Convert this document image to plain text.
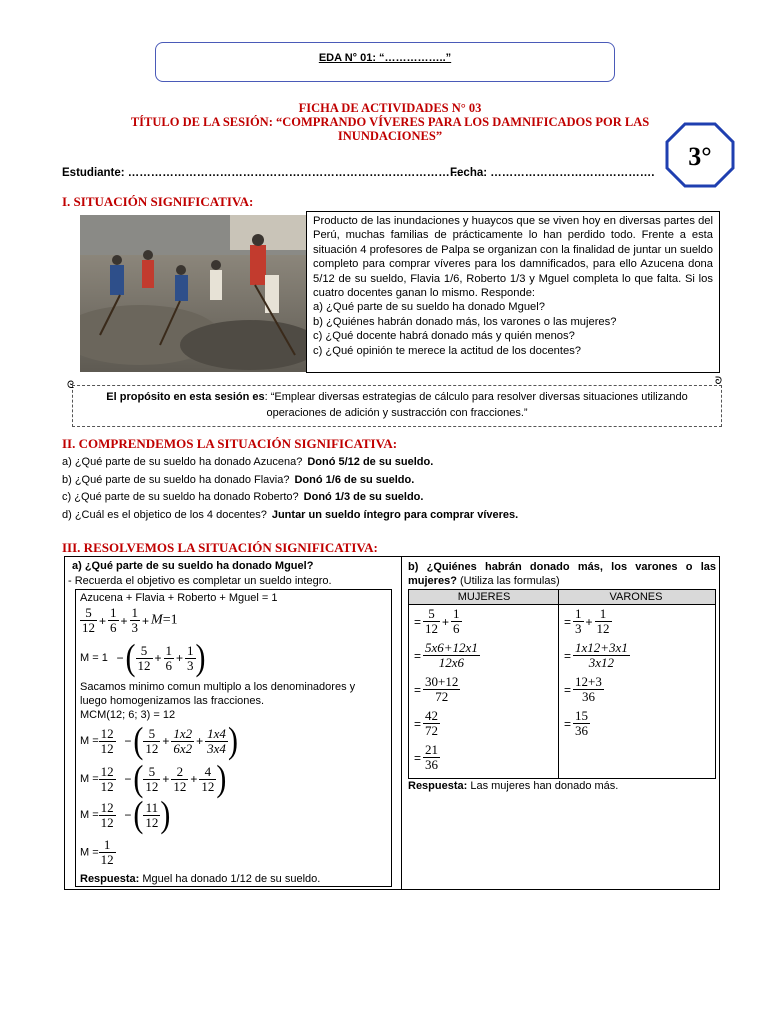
EDA N° 01: “……………..”
FICHA DE ACTIVIDADES N° 03
TÍTULO DE LA SESIÓN: “COMPRANDO VÍVERES PARA LOS DAMNIFICADOS POR LAS
INUNDACIONES”
3°
Estudiante: ……………………………………………………………………………
Fecha: …………………………………….
I. SITUACIÓN SIGNIFICATIVA:
Producto de las inundaciones y huaycos que se viven hoy en diversas partes del Perú, muchas familias de prácticamente lo han perdido todo. Frente a esta situación 4 profesores de Palpa se organizan con la finalidad de juntar un sueldo completo para comprar víveres para los damnificados, para ello Azucena dona 5/12 de su sueldo, Flavia 1/6, Roberto 1/3 y Mguel completa lo que falta. Si los cuatro docentes ganan lo mismo. Responde:
a) ¿Qué parte de su sueldo ha donado Mguel?
b) ¿Quiénes habrán donado más, los varones o las mujeres?
c) ¿Qué docente habrá donado más y quién menos?
c) ¿Qué opinión te merece la actitud de los docentes?
El propósito en esta sesión es: “Emplear diversas estrategias de cálculo para resolver diversas situaciones utilizando
operaciones de adición y sustracción con fracciones.”
ᘓ	ᘐ
II. COMPRENDEMOS LA SITUACIÓN SIGNIFICATIVA:
a) ¿Qué parte de su sueldo ha donado Azucena? Donó 5/12 de su sueldo.
b) ¿Qué parte de su sueldo ha donado Flavia? Donó 1/6 de su sueldo.
c) ¿Qué parte de su sueldo ha donado Roberto? Donó 1/3 de su sueldo.
d) ¿Cuál es el objetico de los 4 docentes? Juntar un sueldo íntegro para comprar víveres.
III. RESOLVEMOS LA SITUACIÓN SIGNIFICATIVA:
a) ¿Qué parte de su sueldo ha donado Mguel?
- Recuerda el objetivo es completar un sueldo integro.
Azucena + Flavia + Roberto + Mguel = 1
$\frac{5}{12} + \frac{1}{6} + \frac{1}{3} + M=1$
M = 1  −( $\frac{5}{12} + \frac{1}{6} + \frac{1}{3}$ )
Sacamos minimo comun multiplo a los denominadores y
luego homogenizamos las fracciones.
MCM(12; 6; 3) = 12
$M = \frac{12}{12}$ −( $\frac{5}{12} + \frac{1x2}{6x2} + \frac{1x4}{3x4}$ )
$M = \frac{12}{12}$ −( $\frac{5}{12} + \frac{2}{12} + \frac{4}{12}$ )
$M = \frac{12}{12}$ −( $\frac{11}{12}$ )
$M = \frac{1}{12}$
Respuesta: Mguel ha donado 1/12 de su sueldo.
b) ¿Quiénes habrán donado más, los varones o las mujeres? (Utiliza las formulas)
MUJERES	VARONES
= $\frac{5}{12} + \frac{1}{6}$
= $\frac{5x6+12x1}{12x6}$
= $\frac{30+12}{72}$
= $\frac{42}{72}$
= $\frac{21}{36}$
= $\frac{1}{3} + \frac{1}{12}$
= $\frac{1x12+3x1}{3x12}$
= $\frac{12+3}{36}$
= $\frac{15}{36}$
Respuesta: Las mujeres han donado más.
